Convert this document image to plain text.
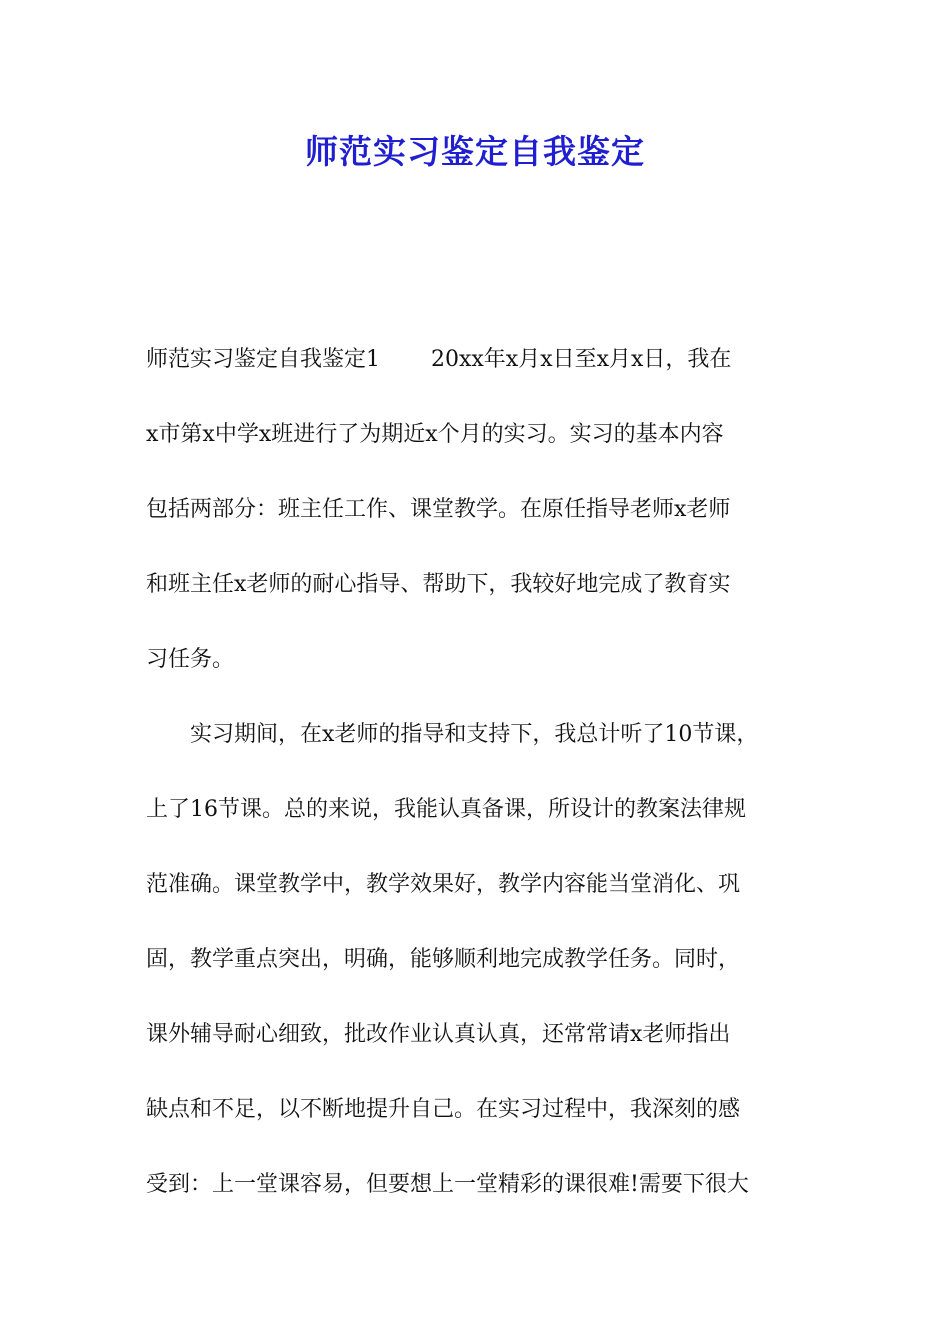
师范实习鉴定自我鉴定
师范实习鉴定自我鉴定1　　 20xx年x月x日至x月x日，我在
x市第x中学x班进行了为期近x个月的实习。实习的基本内容
包括两部分：班主任工作、课堂教学。在原任指导老师x老师
和班主任x老师的耐心指导、帮助下，我较好地完成了教育实
习任务。
实习期间，在x老师的指导和支持下，我总计听了10节课，
上了16节课。总的来说，我能认真备课，所设计的教案法律规
范准确。课堂教学中，教学效果好，教学内容能当堂消化、巩
固，教学重点突出，明确，能够顺利地完成教学任务。同时，
课外辅导耐心细致，批改作业认真认真，还常常请x老师指出
缺点和不足，以不断地提升自己。在实习过程中，我深刻的感
受到：上一堂课容易，但要想上一堂精彩的课很难!需要下很大
